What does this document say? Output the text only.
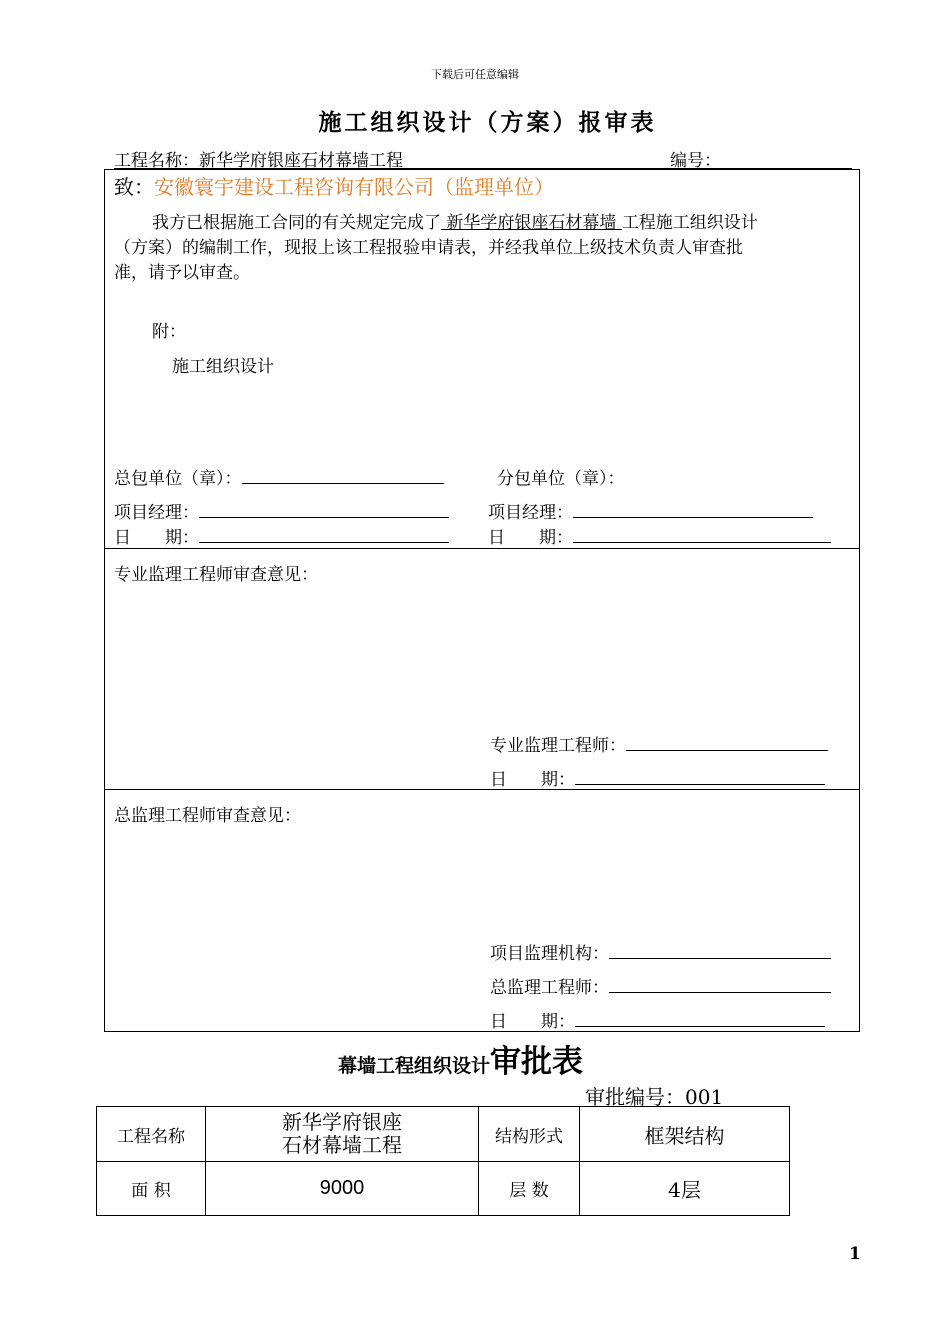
下载后可任意编辑
施工组织设计（方案）报审表
工程名称：新华学府银座石材幕墙工程	编号：
致：安徽寰宇建设工程咨询有限公司（监理单位）
我方已根据施工合同的有关规定完成了 新华学府银座石材幕墙 工程施工组织设计
（方案）的编制工作，现报上该工程报验申请表，并经我单位上级技术负责人审查批
准，请予以审查。
附：
施工组织设计
总包单位（章）：	分包单位（章）：
项目经理：	项目经理：
日　　期：	日　　期：
专业监理工程师审查意见：
专业监理工程师：
日　　期：
总监理工程师审查意见：
项目监理机构：
总监理工程师：
日　　期：
幕墙工程组织设计审批表
审批编号：001
工程名称	新华学府银座
石材幕墙工程	结构形式	框架结构
面 积	9000	层 数	4层
1
